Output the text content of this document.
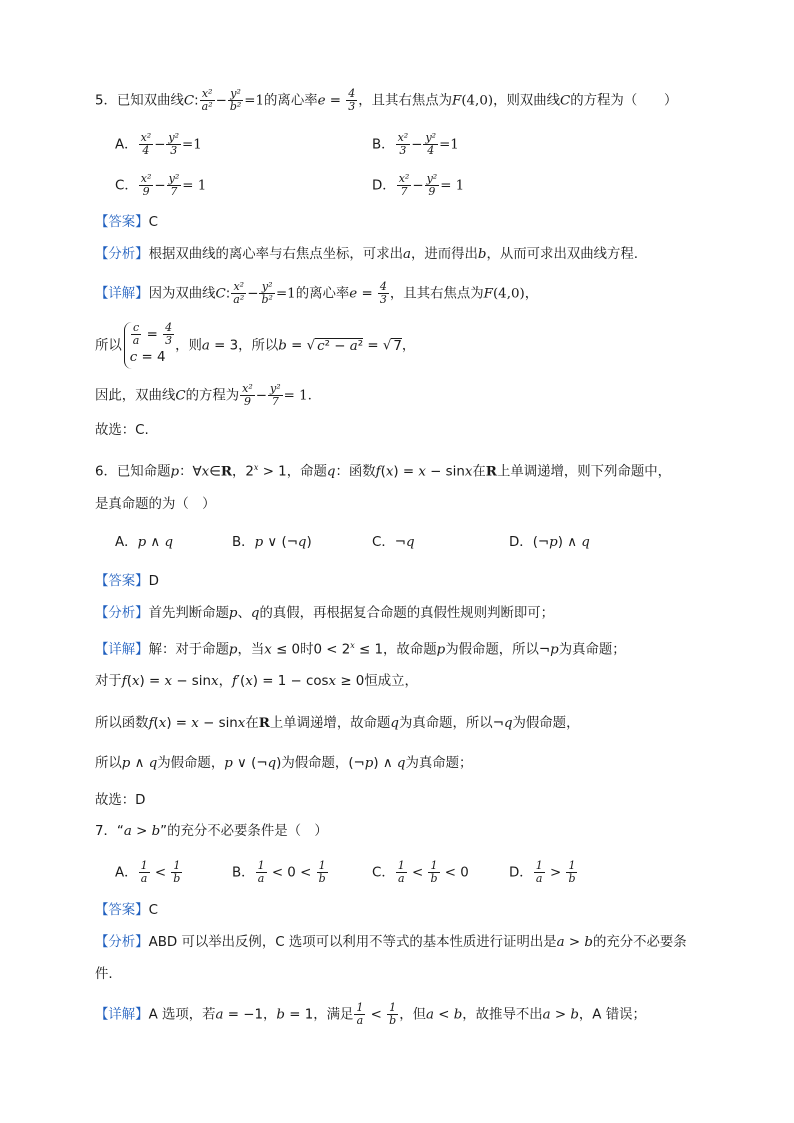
5．已知双曲线C: $\frac{\text{x²}}{\text{a²}} - \frac{\text{y²}}{\text{b²}} =1$的离心率$e = \frac{4}{3}$ ，且其右焦点为F(4,0)，则双曲线C的方程为（　　）
A． $\frac{\text{x²}}{4} - \frac{\text{y²}}{3} =1$	B． $\frac{\text{x²}}{3} - \frac{\text{y²}}{4} =1$
C． $\frac{\text{x²}}{9} - \frac{\text{y²}}{7} = 1$	D． $\frac{\text{x²}}{7} - \frac{\text{y²}}{9} = 1$
【答案】C
【分析】根据双曲线的离心率与右焦点坐标，可求出a，进而得出b，从而可求出双曲线方程.
【详解】因为双曲线C: $\frac{\text{x²}}{\text{a²}} - \frac{\text{y²}}{\text{b²}} =1$的离心率$e = \frac{4}{3}$ ，且其右焦点为F(4,0)，
所以 $\frac{c}{a} = \frac{4}{3}$
c = 4
，则a = 3，所以b = √ c² − a² = √ 7，
因此，双曲线C的方程为 $\frac{\text{x²}}{9} - \frac{\text{y²}}{7} = 1$.
故选：C.
6．已知命题p：∀x∈R，$2^x > 1$，命题q：函数f(x) = x − sinx在R上单调递增，则下列命题中，
是真命题的为（　）
A．p ∧ q	B．p ∨ (¬q)	C．¬q	D．(¬p) ∧ q
【答案】D
【分析】首先判断命题p、q的真假，再根据复合命题的真假性规则判断即可；
【详解】解：对于命题p，当x ≤ 0时$0 < 2^x \le 1$，故命题p为假命题，所以¬p为真命题；
对于f(x) = x − sinx，f′(x) = 1 − cosx ≥ 0恒成立，
所以函数f(x) = x − sinx在R上单调递增，故命题q为真命题，所以¬q为假命题，
所以p ∧ q为假命题，p ∨ (¬q)为假命题，(¬p) ∧ q为真命题；
故选：D
7．“a > b”的充分不必要条件是（　）
A． $\frac{1}{a} < \frac{1}{b}$	B． $\frac{1}{a} < 0 < \frac{1}{b}$	C． $\frac{1}{a} < \frac{1}{b} < 0$	D． $\frac{1}{a} > \frac{1}{b}$
【答案】C
【分析】ABD 可以举出反例，C 选项可以利用不等式的基本性质进行证明出是a > b的充分不必要条
件.
【详解】A 选项，若a = −1，b = 1，满足 $\frac{1}{a} < \frac{1}{b}$ ，但a < b，故推导不出a > b，A 错误；
